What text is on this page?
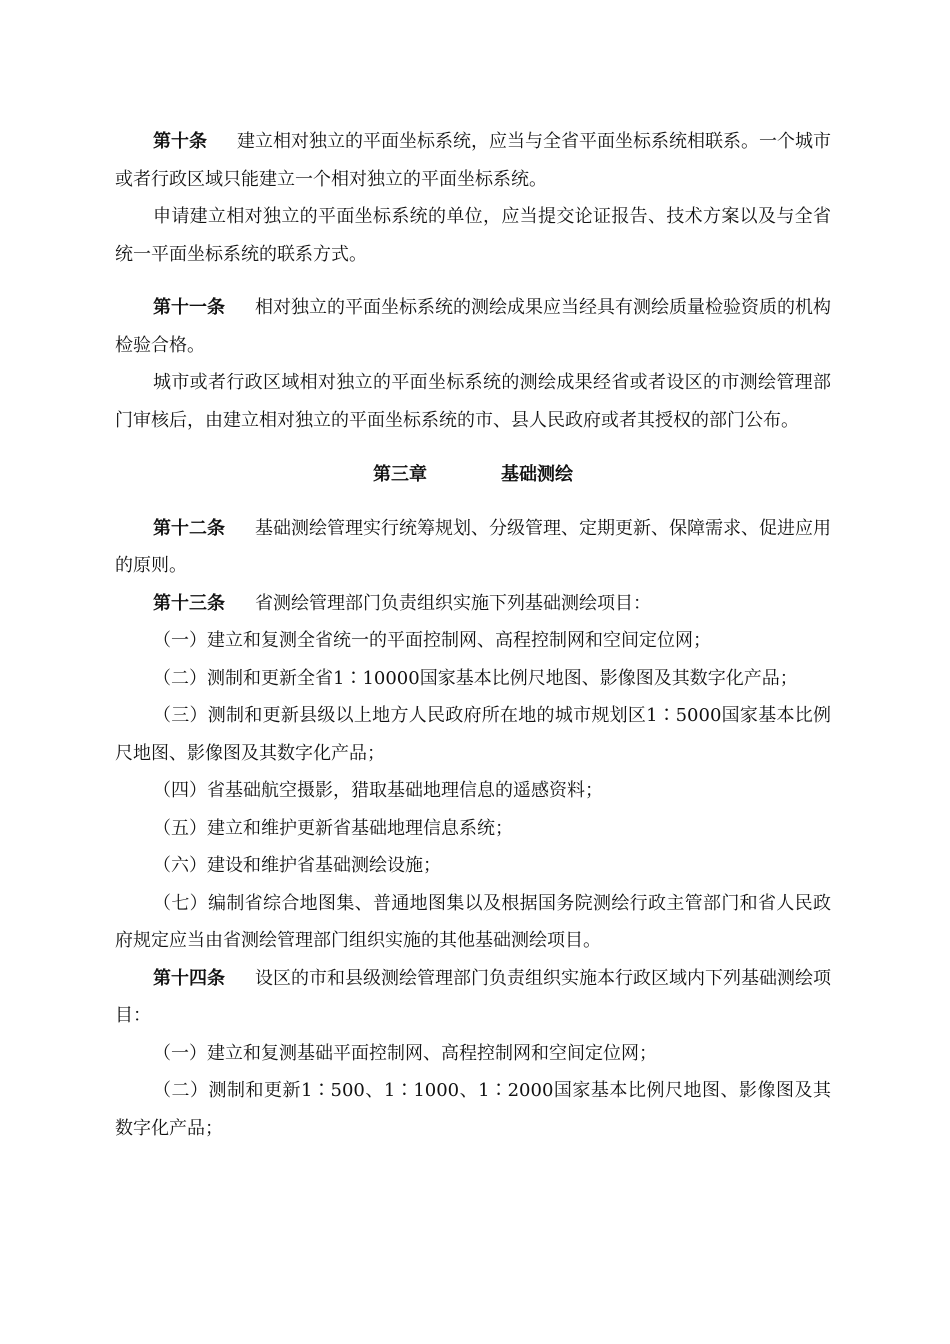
第十条 建立相对独立的平面坐标系统，应当与全省平面坐标系统相联系。一个城市或者行政区域只能建立一个相对独立的平面坐标系统。

申请建立相对独立的平面坐标系统的单位，应当提交论证报告、技术方案以及与全省统一平面坐标系统的联系方式。

第十一条 相对独立的平面坐标系统的测绘成果应当经具有测绘质量检验资质的机构检验合格。

城市或者行政区域相对独立的平面坐标系统的测绘成果经省或者设区的市测绘管理部门审核后，由建立相对独立的平面坐标系统的市、县人民政府或者其授权的部门公布。

第三章	基础测绘

第十二条 基础测绘管理实行统筹规划、分级管理、定期更新、保障需求、促进应用的原则。

第十三条 省测绘管理部门负责组织实施下列基础测绘项目：

（一）建立和复测全省统一的平面控制网、高程控制网和空间定位网；

（二）测制和更新全省1∶10000国家基本比例尺地图、影像图及其数字化产品；

（三）测制和更新县级以上地方人民政府所在地的城市规划区1∶5000国家基本比例尺地图、影像图及其数字化产品；

（四）省基础航空摄影，猎取基础地理信息的遥感资料；

（五）建立和维护更新省基础地理信息系统；

（六）建设和维护省基础测绘设施；

（七）编制省综合地图集、普通地图集以及根据国务院测绘行政主管部门和省人民政府规定应当由省测绘管理部门组织实施的其他基础测绘项目。

第十四条 设区的市和县级测绘管理部门负责组织实施本行政区域内下列基础测绘项目：

（一）建立和复测基础平面控制网、高程控制网和空间定位网；

（二）测制和更新1∶500、1∶1000、1∶2000国家基本比例尺地图、影像图及其数字化产品；
